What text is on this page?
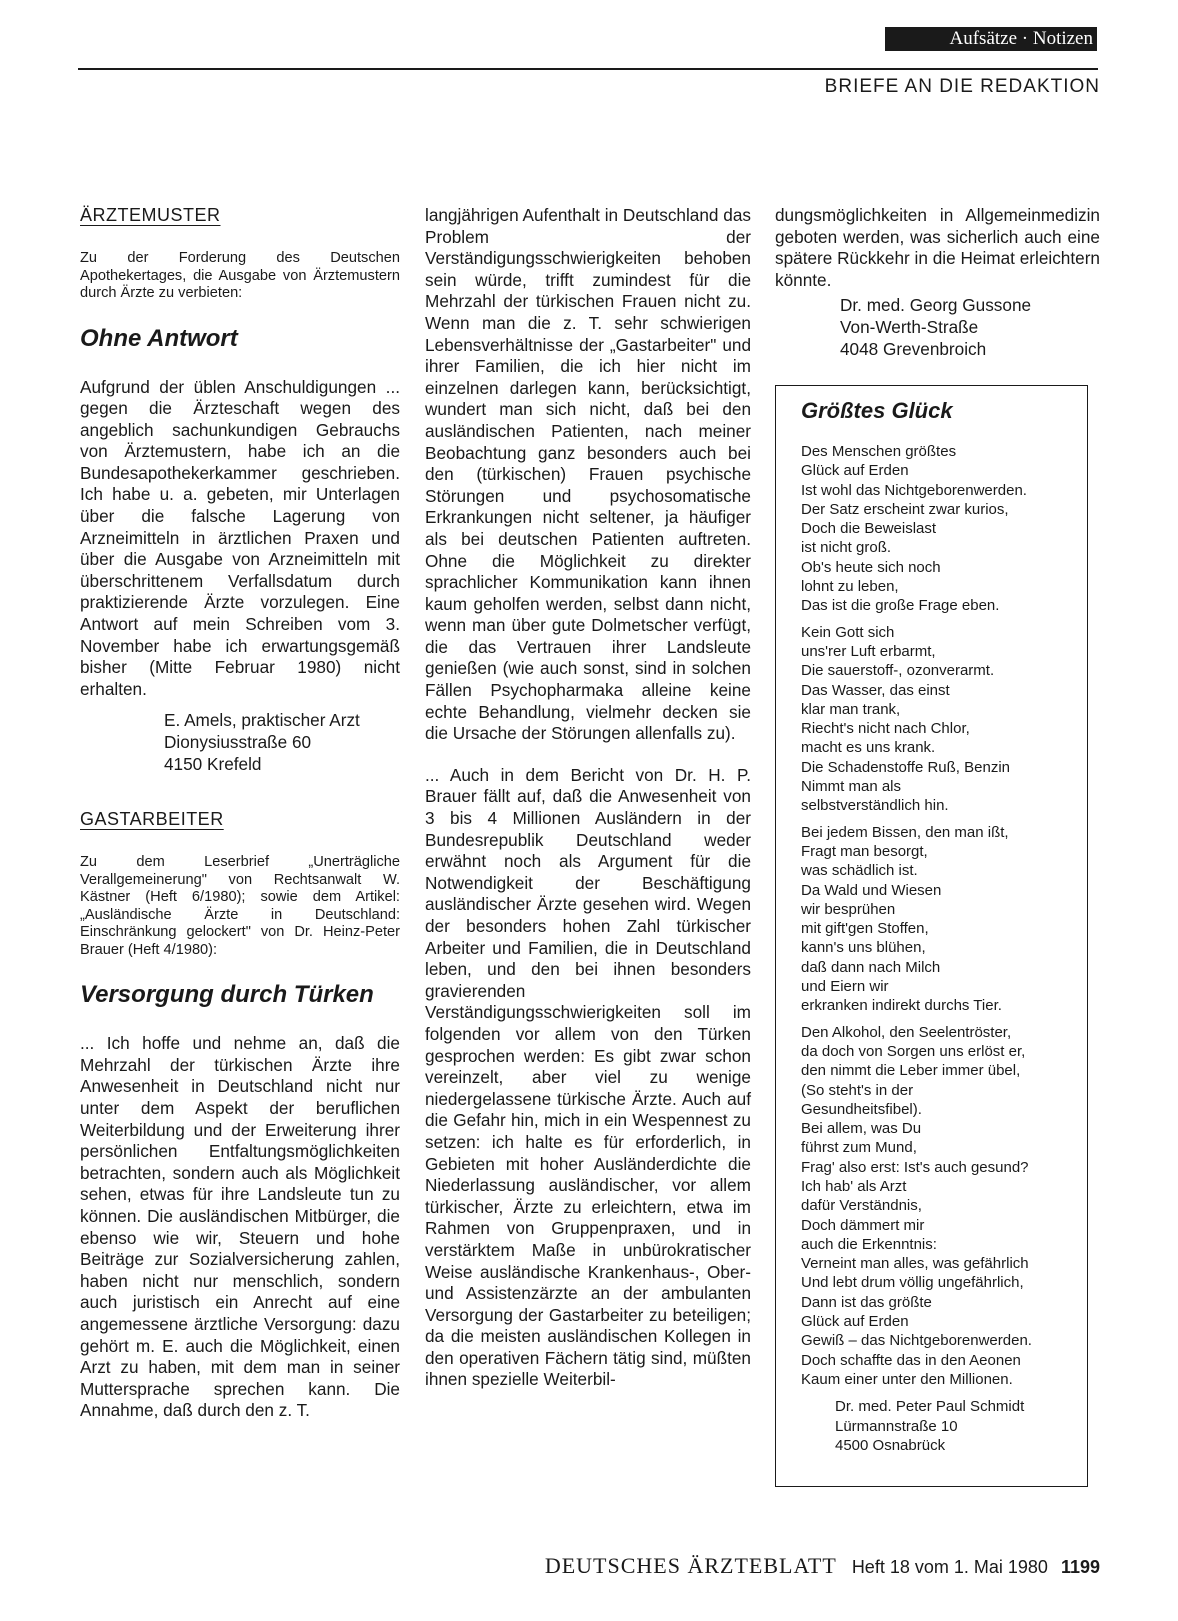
Aufsätze · Notizen
BRIEFE AN DIE REDAKTION
ÄRZTEMUSTER

Zu der Forderung des Deutschen Apothekertages, die Ausgabe von Ärztemustern durch Ärzte zu verbieten:

Ohne Antwort

Aufgrund der üblen Anschuldigungen ... gegen die Ärzteschaft wegen des angeblich sachunkundigen Gebrauchs von Ärztemustern, habe ich an die Bundesapothekerkammer geschrieben. Ich habe u. a. gebeten, mir Unterlagen über die falsche Lagerung von Arzneimitteln in ärztlichen Praxen und über die Ausgabe von Arzneimitteln mit überschrittenem Verfallsdatum durch praktizierende Ärzte vorzulegen. Eine Antwort auf mein Schreiben vom 3. November habe ich erwartungsgemäß bisher (Mitte Februar 1980) nicht erhalten.

E. Amels, praktischer Arzt
Dionysiusstraße 60
4150 Krefeld
GASTARBEITER

Zu dem Leserbrief „Unerträgliche Verallgemeinerung" von Rechtsanwalt W. Kästner (Heft 6/1980); sowie dem Artikel: „Ausländische Ärzte in Deutschland: Einschränkung gelockert" von Dr. Heinz-Peter Brauer (Heft 4/1980):

Versorgung durch Türken

... Ich hoffe und nehme an, daß die Mehrzahl der türkischen Ärzte ihre Anwesenheit in Deutschland nicht nur unter dem Aspekt der beruflichen Weiterbildung und der Erweiterung ihrer persönlichen Entfaltungsmöglichkeiten betrachten, sondern auch als Möglichkeit sehen, etwas für ihre Landsleute tun zu können. Die ausländischen Mitbürger, die ebenso wie wir, Steuern und hohe Beiträge zur Sozialversicherung zahlen, haben nicht nur menschlich, sondern auch juristisch ein Anrecht auf eine angemessene ärztliche Versorgung: dazu gehört m. E. auch die Möglichkeit, einen Arzt zu haben, mit dem man in seiner Muttersprache sprechen kann. Die Annahme, daß durch den z. T.

langjährigen Aufenthalt in Deutschland das Problem der Verständigungsschwierigkeiten behoben sein würde, trifft zumindest für die Mehrzahl der türkischen Frauen nicht zu. Wenn man die z. T. sehr schwierigen Lebensverhältnisse der „Gastarbeiter" und ihrer Familien, die ich hier nicht im einzelnen darlegen kann, berücksichtigt, wundert man sich nicht, daß bei den ausländischen Patienten, nach meiner Beobachtung ganz besonders auch bei den (türkischen) Frauen psychische Störungen und psychosomatische Erkrankungen nicht seltener, ja häufiger als bei deutschen Patienten auftreten. Ohne die Möglichkeit zu direkter sprachlicher Kommunikation kann ihnen kaum geholfen werden, selbst dann nicht, wenn man über gute Dolmetscher verfügt, die das Vertrauen ihrer Landsleute genießen (wie auch sonst, sind in solchen Fällen Psychopharmaka alleine keine echte Behandlung, vielmehr decken sie die Ursache der Störungen allenfalls zu).

... Auch in dem Bericht von Dr. H. P. Brauer fällt auf, daß die Anwesenheit von 3 bis 4 Millionen Ausländern in der Bundesrepublik Deutschland weder erwähnt noch als Argument für die Notwendigkeit der Beschäftigung ausländischer Ärzte gesehen wird. Wegen der besonders hohen Zahl türkischer Arbeiter und Familien, die in Deutschland leben, und den bei ihnen besonders gravierenden Verständigungsschwierigkeiten soll im folgenden vor allem von den Türken gesprochen werden: Es gibt zwar schon vereinzelt, aber viel zu wenige niedergelassene türkische Ärzte. Auch auf die Gefahr hin, mich in ein Wespennest zu setzen: ich halte es für erforderlich, in Gebieten mit hoher Ausländerdichte die Niederlassung ausländischer, vor allem türkischer, Ärzte zu erleichtern, etwa im Rahmen von Gruppenpraxen, und in verstärktem Maße in unbürokratischer Weise ausländische Krankenhaus-, Ober- und Assistenzärzte an der ambulanten Versorgung der Gastarbeiter zu beteiligen; da die meisten ausländischen Kollegen in den operativen Fächern tätig sind, müßten ihnen spezielle Weiterbil-

dungsmöglichkeiten in Allgemeinmedizin geboten werden, was sicherlich auch eine spätere Rückkehr in die Heimat erleichtern könnte.

Dr. med. Georg Gussone
Von-Werth-Straße
4048 Grevenbroich
Größtes Glück
Des Menschen größtes
Glück auf Erden
Ist wohl das Nichtgeborenwerden.
Der Satz erscheint zwar kurios,
Doch die Beweislast
ist nicht groß.
Ob's heute sich noch
lohnt zu leben,
Das ist die große Frage eben.
Kein Gott sich
uns'rer Luft erbarmt,
Die sauerstoff-, ozonverarmt.
Das Wasser, das einst
klar man trank,
Riecht's nicht nach Chlor,
macht es uns krank.
Die Schadenstoffe Ruß, Benzin
Nimmt man als
selbstverständlich hin.
Bei jedem Bissen, den man ißt,
Fragt man besorgt,
was schädlich ist.
Da Wald und Wiesen
wir besprühen
mit gift'gen Stoffen,
kann's uns blühen,
daß dann nach Milch
und Eiern wir
erkranken indirekt durchs Tier.
Den Alkohol, den Seelentröster,
da doch von Sorgen uns erlöst er,
den nimmt die Leber immer übel,
(So steht's in der
Gesundheitsfibel).
Bei allem, was Du
führst zum Mund,
Frag' also erst: Ist's auch gesund?
Ich hab' als Arzt
dafür Verständnis,
Doch dämmert mir
auch die Erkenntnis:
Verneint man alles, was gefährlich
Und lebt drum völlig ungefährlich,
Dann ist das größte
Glück auf Erden
Gewiß – das Nichtgeborenwerden.
Doch schaffte das in den Aeonen
Kaum einer unter den Millionen.
Dr. med. Peter Paul Schmidt
Lürmannstraße 10
4500 Osnabrück
DEUTSCHES ÄRZTEBLATT Heft 18 vom 1. Mai 1980 1199
